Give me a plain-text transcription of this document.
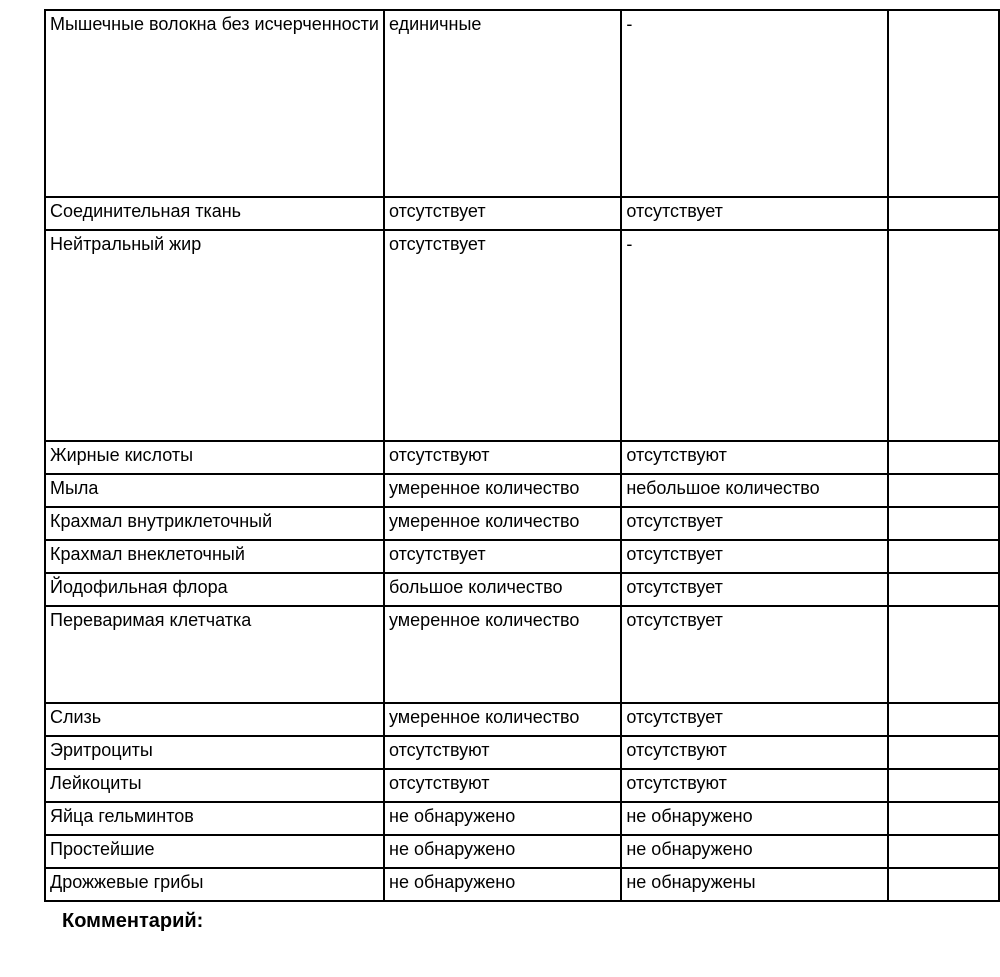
Мышечные волокна без исчерченности	единичные	-	
Соединительная ткань	отсутствует	отсутствует	
Нейтральный жир	отсутствует	-	
Жирные кислоты	отсутствуют	отсутствуют	
Мыла	умеренное количество	небольшое количество	
Крахмал внутриклеточный	умеренное количество	отсутствует	
Крахмал внеклеточный	отсутствует	отсутствует	
Йодофильная флора	большое количество	отсутствует	
Переваримая клетчатка	умеренное количество	отсутствует	
Слизь	умеренное количество	отсутствует	
Эритроциты	отсутствуют	отсутствуют	
Лейкоциты	отсутствуют	отсутствуют	
Яйца гельминтов	не обнаружено	не обнаружено	
Простейшие	не обнаружено	не обнаружено	
Дрожжевые грибы	не обнаружено	не обнаружены	
Комментарий:
